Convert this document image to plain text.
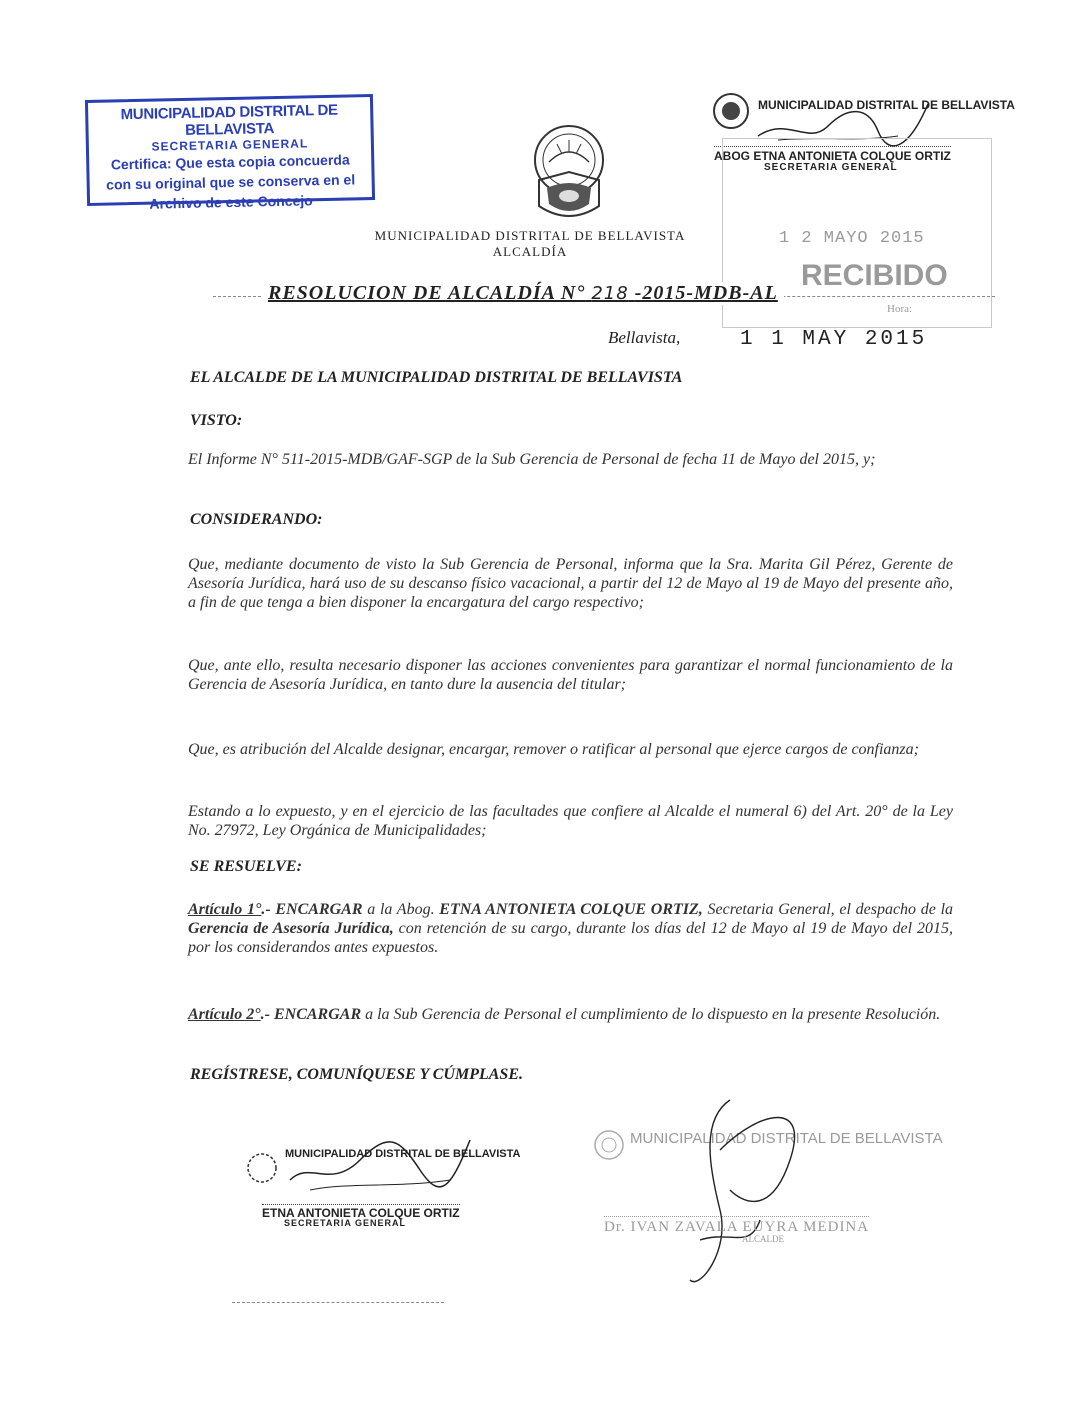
MUNICIPALIDAD DISTRITAL DE BELLAVISTA
SECRETARIA GENERAL
Certifica: Que esta copia concuerda
con su original que se conserva en el
Archivo de este Concejo
MUNICIPALIDAD DISTRITAL DE BELLAVISTA
ALCALDÍA
MUNICIPALIDAD DISTRITAL DE BELLAVISTA
ABOG ETNA ANTONIETA COLQUE ORTIZ
SECRETARIA GENERAL
1 2 MAYO 2015
RECIBIDO
Hora:
RESOLUCION DE ALCALDÍA N° 218 -2015-MDB-AL
Bellavista,	1 1 MAY 2015
EL ALCALDE DE LA MUNICIPALIDAD DISTRITAL DE BELLAVISTA
VISTO:
El Informe N° 511-2015-MDB/GAF-SGP de la Sub Gerencia de Personal de fecha 11 de Mayo del 2015, y;
CONSIDERANDO:
Que, mediante documento de visto la Sub Gerencia de Personal, informa que la Sra. Marita Gil Pérez, Gerente de Asesoría Jurídica, hará uso de su descanso físico vacacional, a partir del 12 de Mayo al 19 de Mayo del presente año, a fin de que tenga a bien disponer la encargatura del cargo respectivo;
Que, ante ello, resulta necesario disponer las acciones convenientes para garantizar el normal funcionamiento de la Gerencia de Asesoría Jurídica, en tanto dure la ausencia del titular;
Que, es atribución del Alcalde designar, encargar, remover o ratificar al personal que ejerce cargos de confianza;
Estando a lo expuesto, y en el ejercicio de las facultades que confiere al Alcalde el numeral 6) del Art. 20° de la Ley No. 27972, Ley Orgánica de Municipalidades;
SE RESUELVE:
Artículo 1°.- ENCARGAR a la Abog. ETNA ANTONIETA COLQUE ORTIZ, Secretaria General, el despacho de la Gerencia de Asesoría Jurídica, con retención de su cargo, durante los días del 12 de Mayo al 19 de Mayo del 2015, por los considerandos antes expuestos.
Artículo 2°.- ENCARGAR a la Sub Gerencia de Personal el cumplimiento de lo dispuesto en la presente Resolución.
REGÍSTRESE, COMUNÍQUESE Y CÚMPLASE.
MUNICIPALIDAD DISTRITAL DE BELLAVISTA
ETNA ANTONIETA COLQUE ORTIZ
SECRETARIA GENERAL
MUNICIPALIDAD DISTRITAL DE BELLAVISTA
Dr. IVAN ZAVALA EUYRA MEDINA
ALCALDE
